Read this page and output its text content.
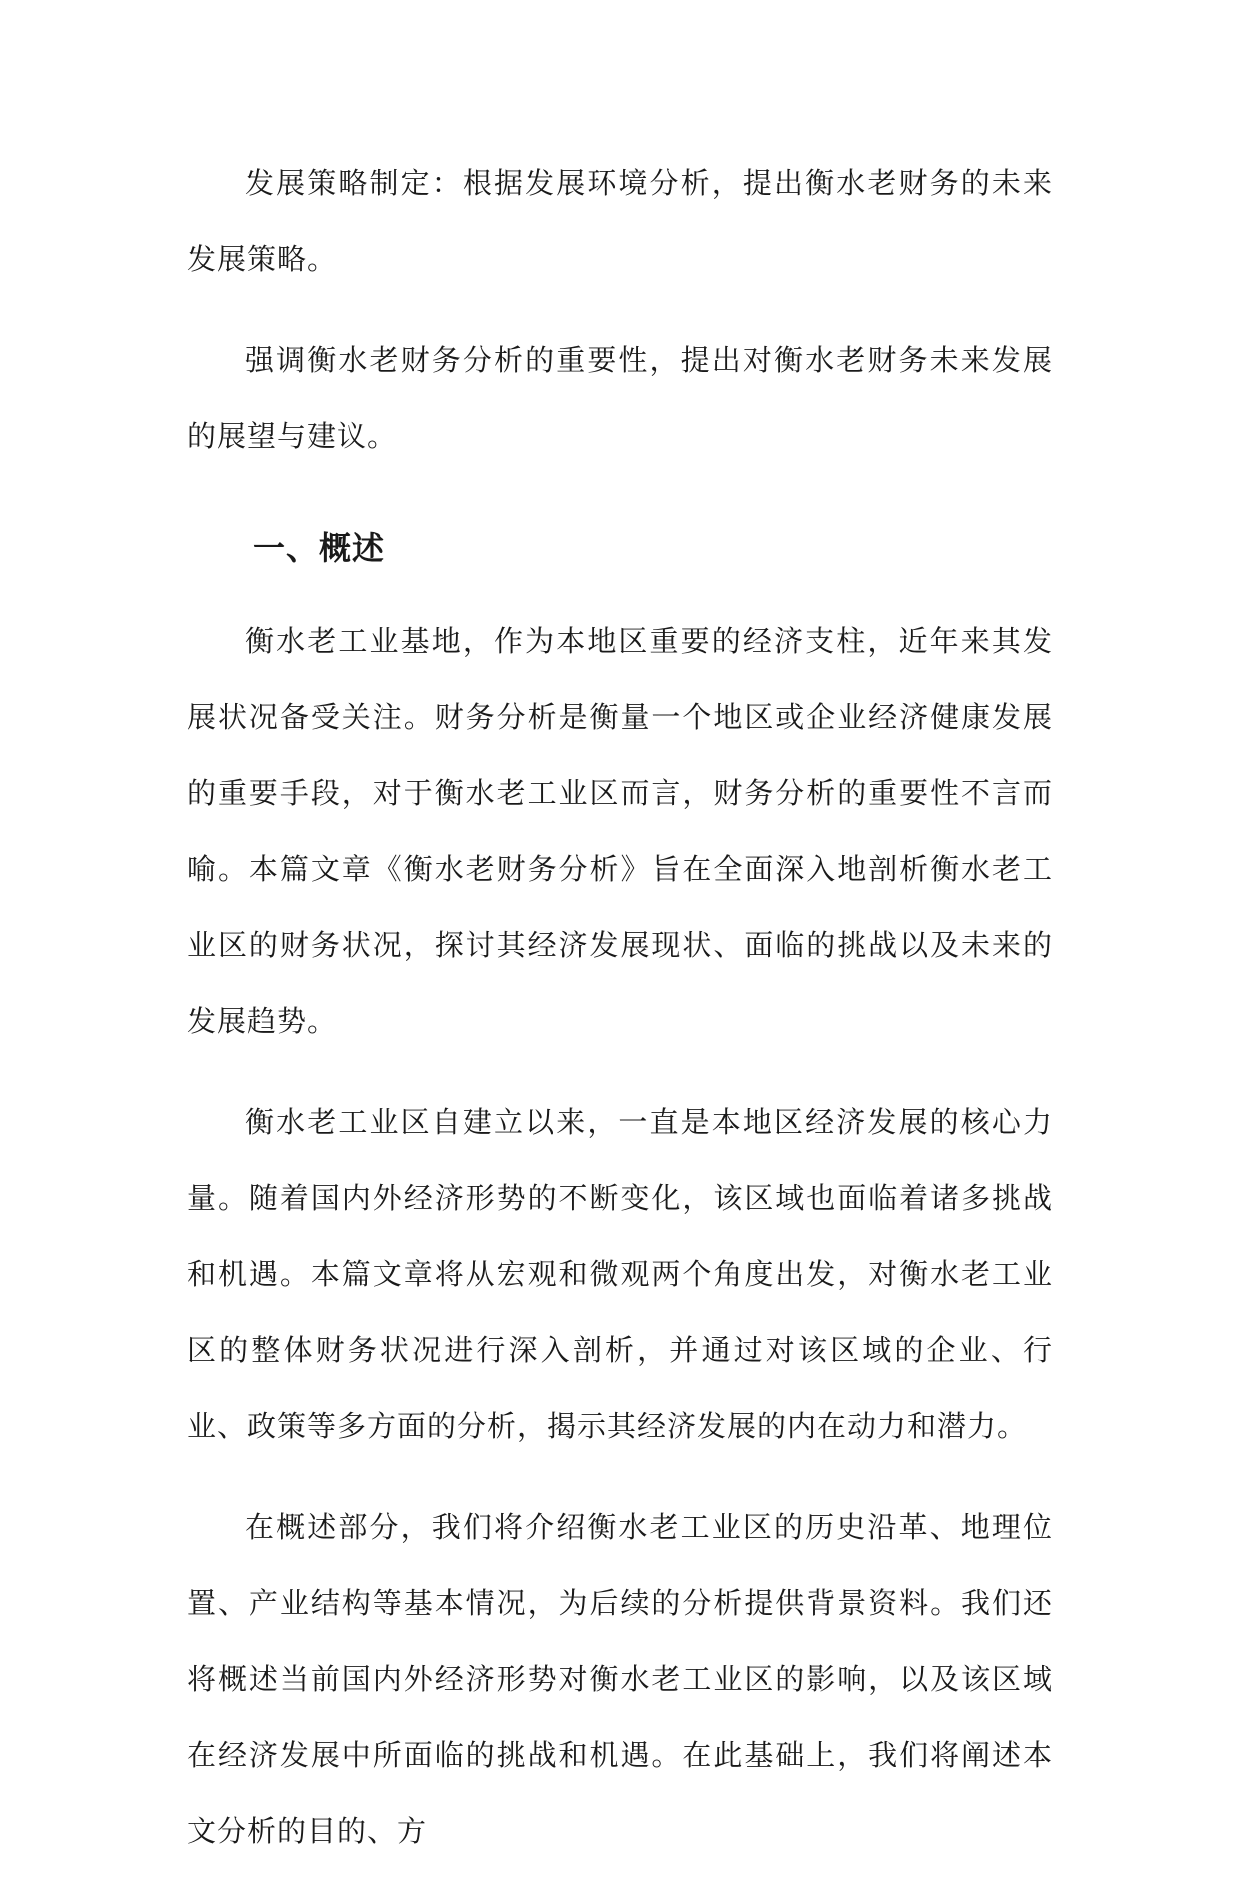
发展策略制定：根据发展环境分析，提出衡水老财务的未来发展策略。

强调衡水老财务分析的重要性，提出对衡水老财务未来发展的展望与建议。

一、概述

衡水老工业基地，作为本地区重要的经济支柱，近年来其发展状况备受关注。财务分析是衡量一个地区或企业经济健康发展的重要手段，对于衡水老工业区而言，财务分析的重要性不言而喻。本篇文章《衡水老财务分析》旨在全面深入地剖析衡水老工业区的财务状况，探讨其经济发展现状、面临的挑战以及未来的发展趋势。

衡水老工业区自建立以来，一直是本地区经济发展的核心力量。随着国内外经济形势的不断变化，该区域也面临着诸多挑战和机遇。本篇文章将从宏观和微观两个角度出发，对衡水老工业区的整体财务状况进行深入剖析，并通过对该区域的企业、行业、政策等多方面的分析，揭示其经济发展的内在动力和潜力。

在概述部分，我们将介绍衡水老工业区的历史沿革、地理位置、产业结构等基本情况，为后续的分析提供背景资料。我们还将概述当前国内外经济形势对衡水老工业区的影响，以及该区域在经济发展中所面临的挑战和机遇。在此基础上，我们将阐述本文分析的目的、方
